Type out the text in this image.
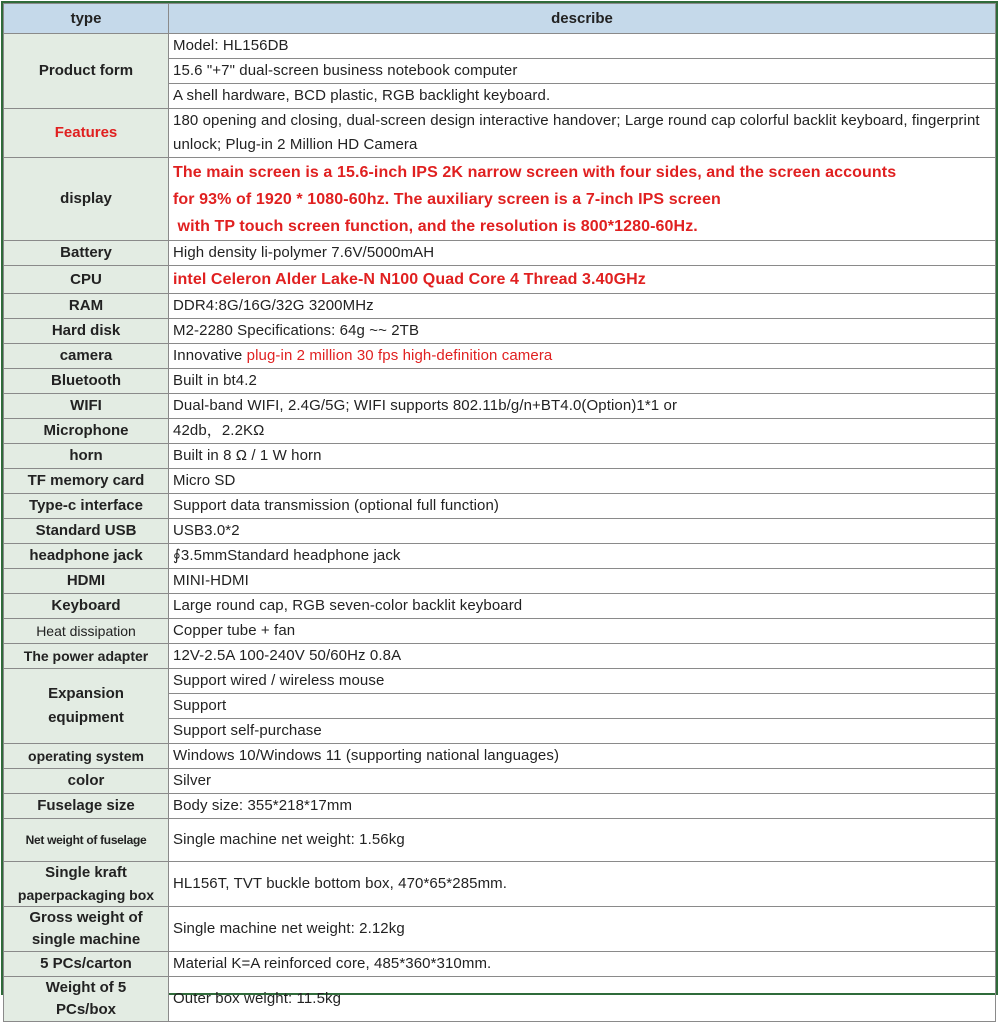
type	describe
Product form	Model: HL156DB
	15.6 "+7" dual-screen business notebook computer
	A shell hardware, BCD plastic, RGB backlight keyboard.
Features	180 opening and closing, dual-screen design interactive handover; Large round cap colorful backlit keyboard, fingerprint unlock; Plug-in 2 Million HD Camera
display	The main screen is a 15.6-inch IPS 2K narrow screen with four sides, and the screen accounts
for 93% of 1920 * 1080-60hz. The auxiliary screen is a 7-inch IPS screen
with TP touch screen function, and the resolution is 800*1280-60Hz.

Battery	High density li-polymer 7.6V/5000mAH
CPU	intel Celeron Alder Lake-N N100 Quad Core 4 Thread 3.40GHz
RAM	DDR4:8G/16G/32G 3200MHz
Hard disk	M2-2280 Specifications: 64g ~~ 2TB
camera	Innovative plug-in 2 million 30 fps high-definition camera
Bluetooth	Built in bt4.2
WIFI	Dual-band WIFI, 2.4G/5G; WIFI supports 802.11b/g/n+BT4.0(Option)1*1 or
Microphone	42db，2.2KΩ
horn	Built in 8 Ω / 1 W horn
TF memory card	Micro SD
Type-c interface	Support data transmission (optional full function)
Standard USB	USB3.0*2
headphone jack	∮3.5mmStandard headphone jack
HDMI	MINI-HDMI
Keyboard	Large round cap, RGB seven-color backlit keyboard
Heat dissipation	Copper tube + fan
The power adapter	12V-2.5A 100-240V 50/60Hz 0.8A

Expansion
equipment	Support wired / wireless mouse
	Support
	Support self-purchase
operating system	Windows 10/Windows 11 (supporting national languages)
color	Silver
Fuselage size	Body size: 355*218*17mm
Net weight of fuselage	Single machine net weight: 1.56kg

Single kraft
paperpackaging box	HL156T, TVT buckle bottom box, 470*65*285mm.

Gross weight of
single machine	Single machine net weight: 2.12kg
5 PCs/carton	Material K=A reinforced core, 485*360*310mm.

Weight of 5
PCs/box	Outer box weight: 11.5kg
